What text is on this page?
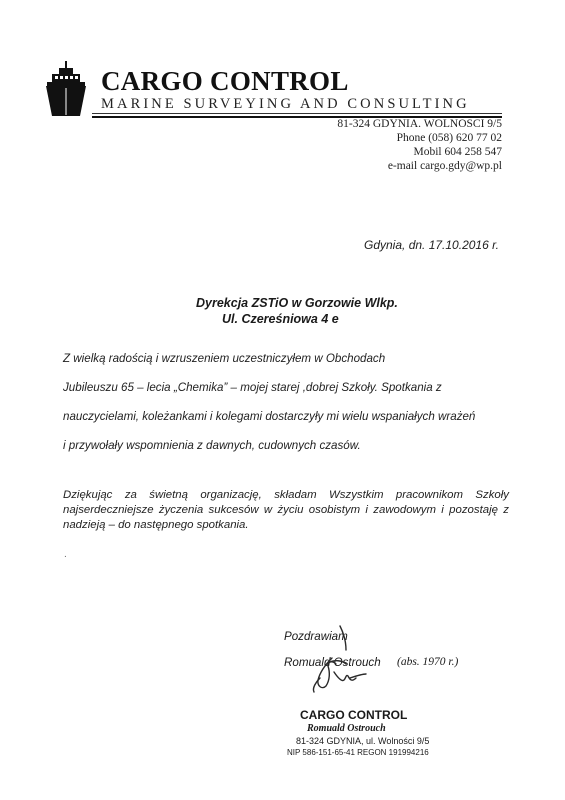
CARGO CONTROL
MARINE SURVEYING AND CONSULTING
81-324 GDYNIA. WOLNOSCI 9/5
Phone (058) 620 77 02
Mobil 604 258 547
e-mail cargo.gdy@wp.pl
Gdynia, dn. 17.10.2016 r.
Dyrekcja ZSTiO w Gorzowie Wlkp.
Ul. Czereśniowa 4 e
Z wielką radością i wzruszeniem uczestniczyłem w Obchodach
Jubileuszu 65 – lecia „Chemika” – mojej starej ,dobrej Szkoły. Spotkania z
nauczycielami, koleżankami i kolegami dostarczyły mi wielu wspaniałych wrażeń
i przywołały wspomnienia z dawnych, cudownych czasów.
Dziękując za świetną organizację, składam Wszystkim pracownikom Szkoły najserdeczniejsze życzenia sukcesów w życiu osobistym i zawodowym i pozostaję z nadzieją – do następnego spotkania.
.
Pozdrawiam
Romuald Ostrouch (abs. 1970 r.)
CARGO CONTROL
Romuald Ostrouch
81-324 GDYNIA, ul. Wolności 9/5
NIP 586-151-65-41 REGON 191994216
